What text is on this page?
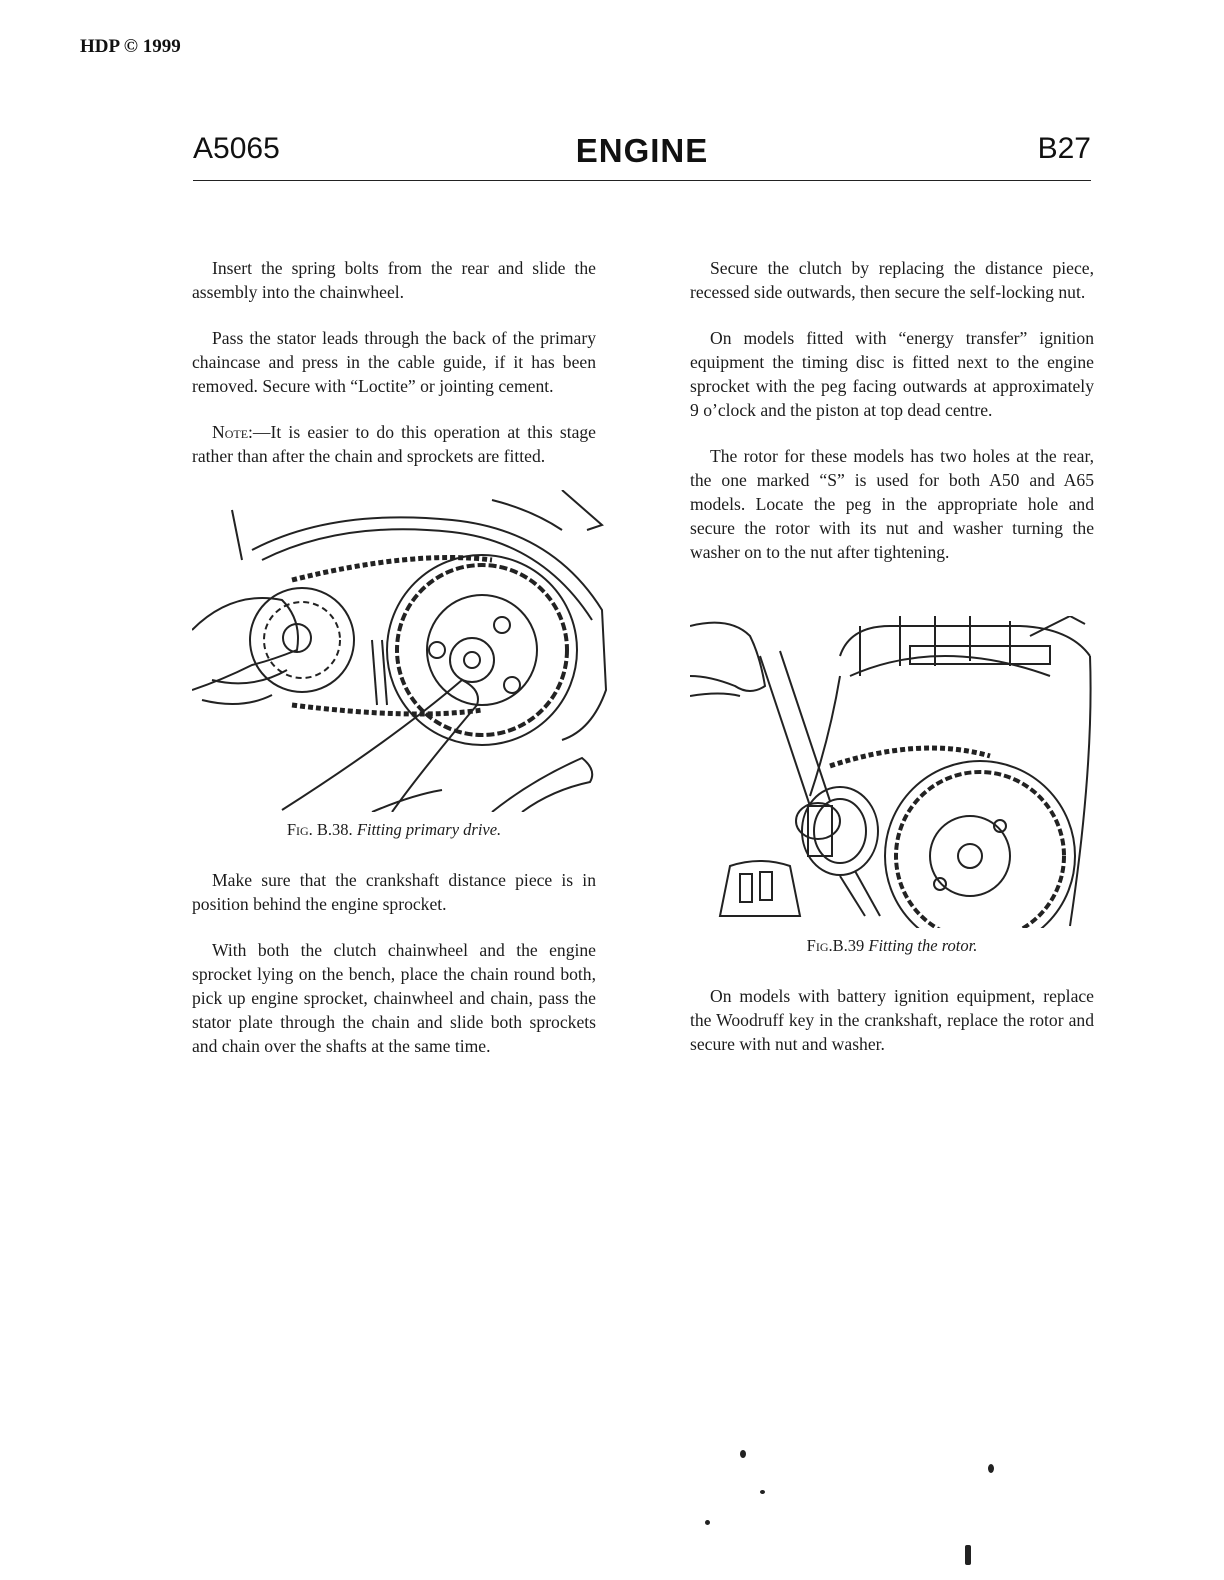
HDP © 1999
A5065	ENGINE	B27

Insert the spring bolts from the rear and slide the assembly into the chainwheel.

Pass the stator leads through the back of the primary chaincase and press in the cable guide, if it has been removed. Secure with “Loctite” or jointing cement.

Note:—It is easier to do this operation at this stage rather than after the chain and sprockets are fitted.

Fig. B.38. Fitting primary drive.

Make sure that the crankshaft distance piece is in position behind the engine sprocket.

With both the clutch chainwheel and the engine sprocket lying on the bench, place the chain round both, pick up engine sprocket, chainwheel and chain, pass the stator plate through the chain and slide both sprockets and chain over the shafts at the same time.

Secure the clutch by replacing the distance piece, recessed side outwards, then secure the self-locking nut.

On models fitted with “energy transfer” ignition equipment the timing disc is fitted next to the engine sprocket with the peg facing outwards at approximately 9 o’clock and the piston at top dead centre.

The rotor for these models has two holes at the rear, the one marked “S” is used for both A50 and A65 models. Locate the peg in the appropriate hole and secure the rotor with its nut and washer turning the washer on to the nut after tightening.

Fig.B.39 Fitting the rotor.

On models with battery ignition equipment, replace the Woodruff key in the crankshaft, replace the rotor and secure with nut and washer.
